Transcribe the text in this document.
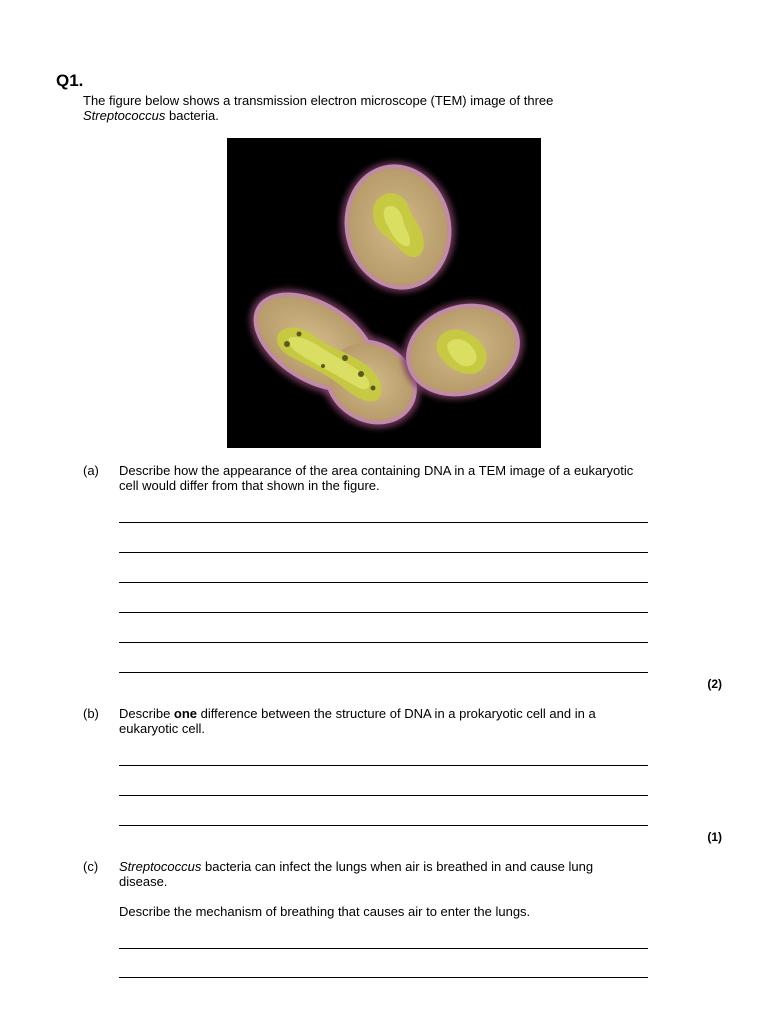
Q1.
The figure below shows a transmission electron microscope (TEM) image of three
Streptococcus bacteria.
(a)	Describe how the appearance of the area containing DNA in a TEM image of a eukaryotic
cell would differ from that shown in the figure.
(2)
(b)	Describe one difference between the structure of DNA in a prokaryotic cell and in a
eukaryotic cell.
(1)
(c)	Streptococcus bacteria can infect the lungs when air is breathed in and cause lung
disease.
Describe the mechanism of breathing that causes air to enter the lungs.
